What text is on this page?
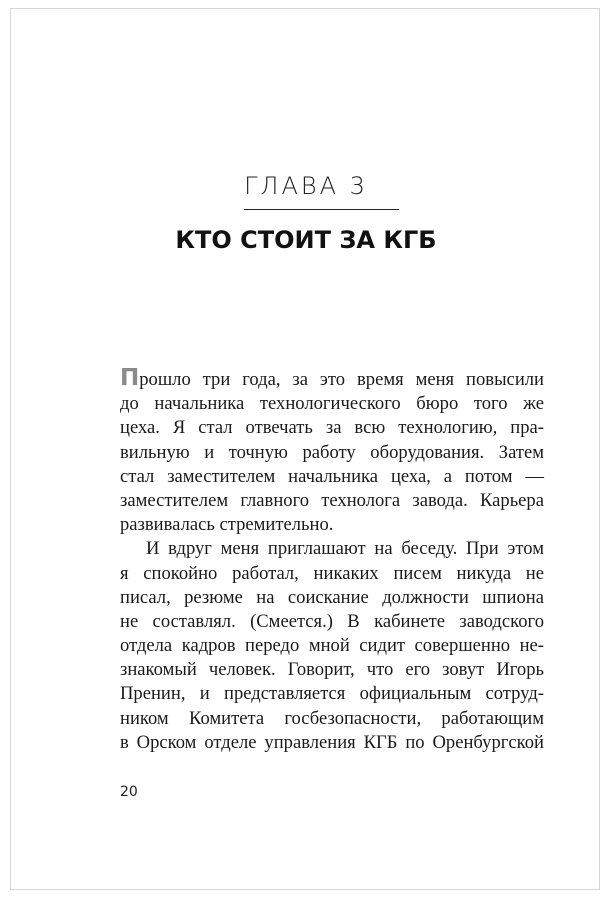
ГЛАВА 3
КТО СТОИТ ЗА КГБ
Прошло три года, за это время меня повысили
до начальника технологического бюро того же
цеха. Я стал отвечать за всю технологию, пра-
вильную и точную работу оборудования. Затем
стал заместителем начальника цеха, а потом —
заместителем главного технолога завода. Карьера
развивалась стремительно.
И вдруг меня приглашают на беседу. При этом
я спокойно работал, никаких писем никуда не
писал, резюме на соискание должности шпиона
не составлял. (Смеется.) В кабинете заводского
отдела кадров передо мной сидит совершенно не-
знакомый человек. Говорит, что его зовут Игорь
Пренин, и представляется официальным сотруд-
ником Комитета госбезопасности, работающим
в Орском отделе управления КГБ по Оренбургской
20
